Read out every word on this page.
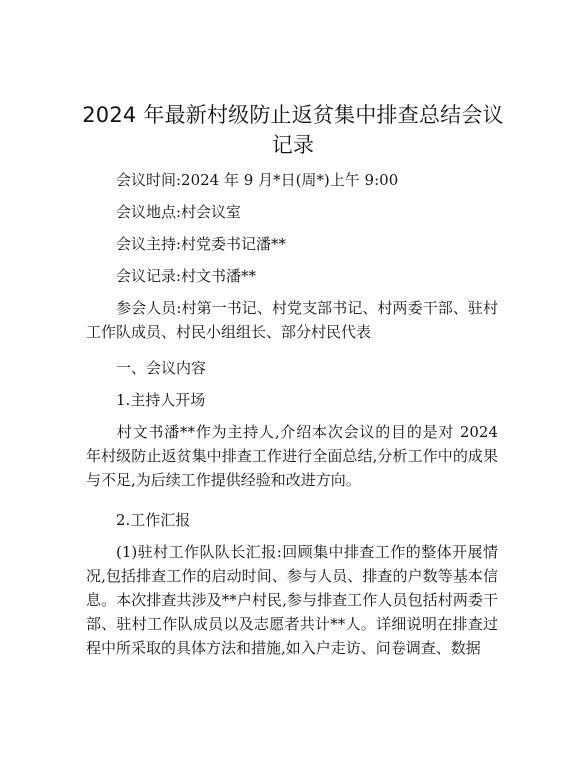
2024 年最新村级防止返贫集中排查总结会议记录

会议时间:2024 年 9 月*日(周*)上午 9:00

会议地点:村会议室

会议主持:村党委书记潘**

会议记录:村文书潘**

参会人员:村第一书记、村党支部书记、村两委干部、驻村工作队成员、村民小组组长、部分村民代表

一、会议内容

1.主持人开场

村文书潘**作为主持人,介绍本次会议的目的是对 2024 年村级防止返贫集中排查工作进行全面总结,分析工作中的成果与不足,为后续工作提供经验和改进方向。

2.工作汇报

(1)驻村工作队队长汇报:回顾集中排查工作的整体开展情况,包括排查工作的启动时间、参与人员、排查的户数等基本信息。本次排查共涉及**户村民,参与排查工作人员包括村两委干部、驻村工作队成员以及志愿者共计**人。详细说明在排查过程中所采取的具体方法和措施,如入户走访、问卷调查、数据
